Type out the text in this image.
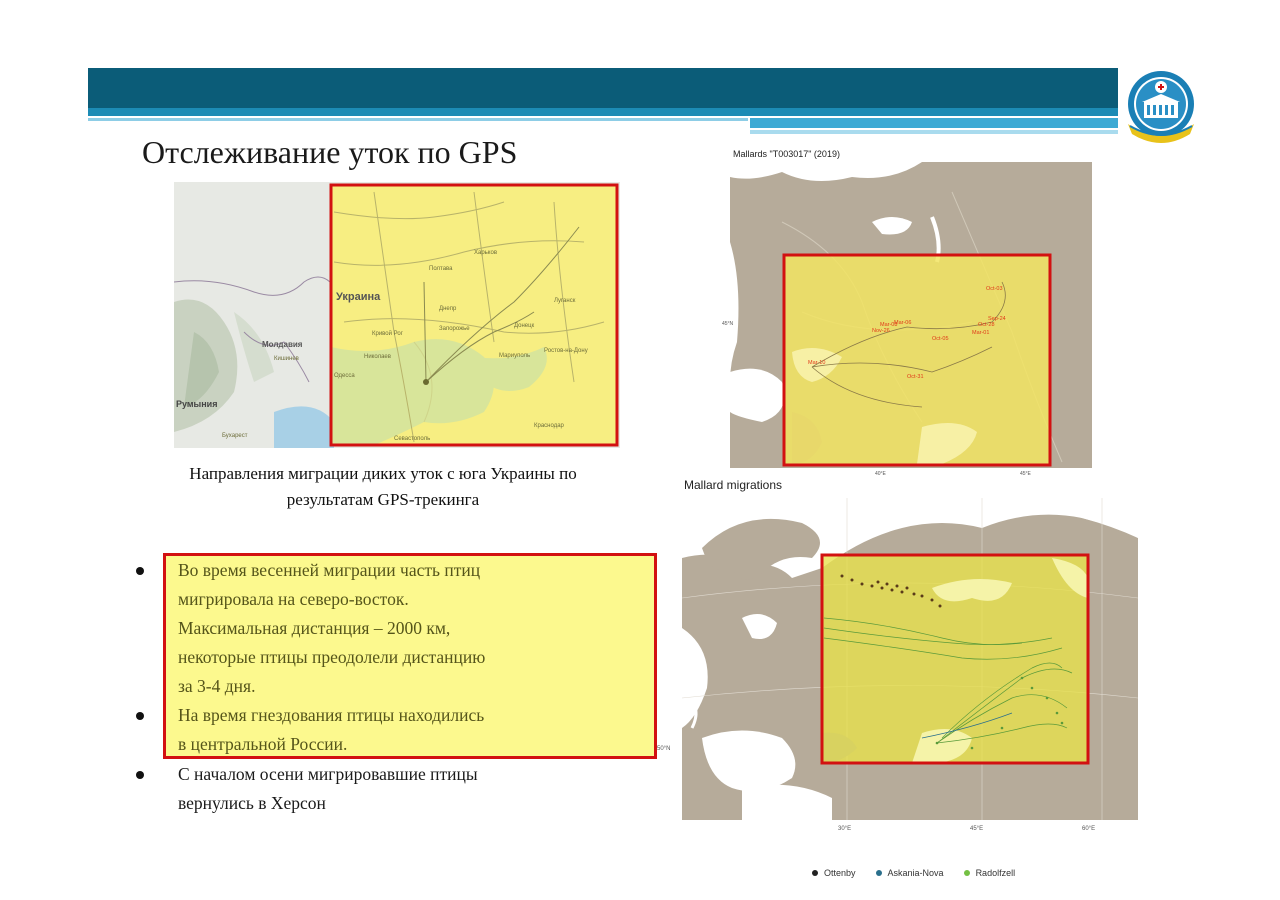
Отслеживание уток по GPS
Украина
Молдавия
Румыния
Харьков
Полтава
Днепр
Запорожье	Донецк
Луганск
Мариуполь
Ростов-на-Дону
Николаев
Одесса
Кривой Рог
Кишинев
Бухарест	Севастополь
Краснодар
Направления миграции диких уток с юга Украины по
результатам GPS-трекинга
Mallards "T003017" (2019)
Oct-03
Sep-24
Oct-28
Mar-01
Mar-06
Oct-05
Nov-26
Mar-08
Oct-31
Mar-10
45°N
40°E	45°E
Mallard migrations
50°N
30°E	45°E	60°E
Ottenby	Askania-Nova	Radolfzell
Во время весенней миграции часть птиц
мигрировала на северо-восток.
Максимальная дистанция – 2000 км,
некоторые птицы преодолели дистанцию
за 3-4 дня.
На время гнездования птицы находились
в центральной России.
С началом осени мигрировавшие птицы
вернулись в Херсон
